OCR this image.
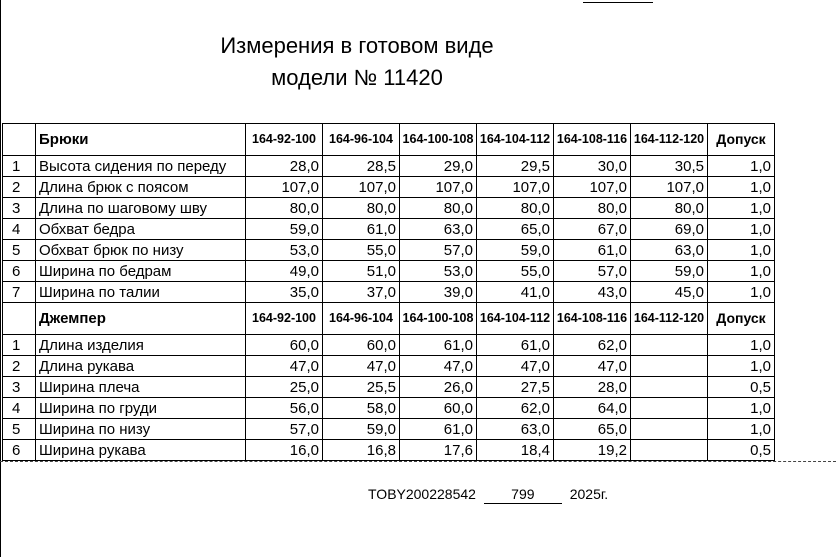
Измерения в готовом виде
модели № 11420
	Брюки	164-92-100	164-96-104	164-100-108	164-104-112	164-108-116	164-112-120	Допуск
1	Высота сидения по переду	28,0	28,5	29,0	29,5	30,0	30,5	1,0
2	Длина брюк с поясом	107,0	107,0	107,0	107,0	107,0	107,0	1,0
3	Длина по шаговому шву	80,0	80,0	80,0	80,0	80,0	80,0	1,0
4	Обхват бедра	59,0	61,0	63,0	65,0	67,0	69,0	1,0
5	Обхват брюк по низу	53,0	55,0	57,0	59,0	61,0	63,0	1,0
6	Ширина по бедрам	49,0	51,0	53,0	55,0	57,0	59,0	1,0
7	Ширина по талии	35,0	37,0	39,0	41,0	43,0	45,0	1,0
	Джемпер	164-92-100	164-96-104	164-100-108	164-104-112	164-108-116	164-112-120	Допуск
1	Длина изделия	60,0	60,0	61,0	61,0	62,0		1,0
2	Длина рукава	47,0	47,0	47,0	47,0	47,0		1,0
3	Ширина плеча	25,0	25,5	26,0	27,5	28,0		0,5
4	Ширина по груди	56,0	58,0	60,0	62,0	64,0		1,0
5	Ширина по низу	57,0	59,0	61,0	63,0	65,0		1,0
6	Ширина рукава	16,0	16,8	17,6	18,4	19,2		0,5
TOBY200228542	799	2025г.
